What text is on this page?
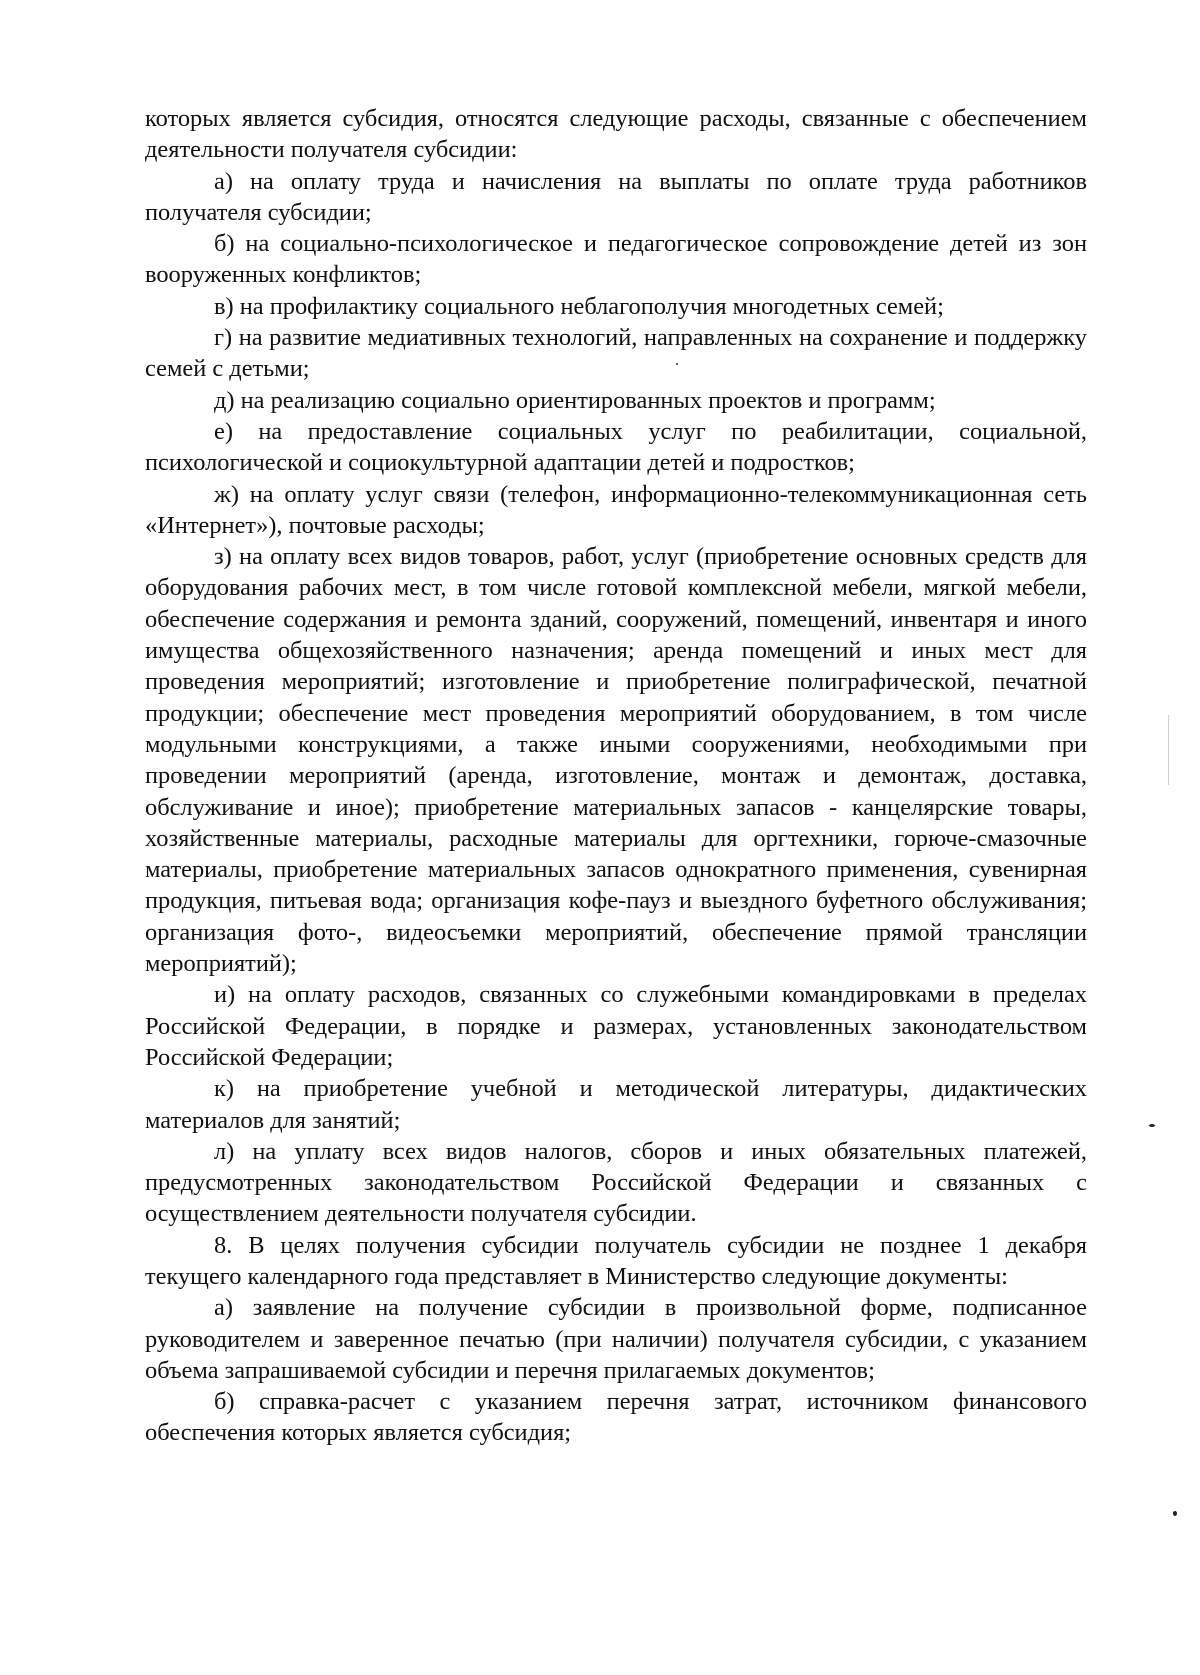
которых является субсидия, относятся следующие расходы, связанные с обеспечением деятельности получателя субсидии:

а) на оплату труда и начисления на выплаты по оплате труда работников получателя субсидии;

б) на социально-психологическое и педагогическое сопровождение детей из зон вооруженных конфликтов;

в) на профилактику социального неблагополучия многодетных семей;

г) на развитие медиативных технологий, направленных на сохранение и поддержку семей с детьми;

д) на реализацию социально ориентированных проектов и программ;

е) на предоставление социальных услуг по реабилитации, социальной, психологической и социокультурной адаптации детей и подростков;

ж) на оплату услуг связи (телефон, информационно-телекоммуникационная сеть «Интернет»), почтовые расходы;

з) на оплату всех видов товаров, работ, услуг (приобретение основных средств для оборудования рабочих мест, в том числе готовой комплексной мебели, мягкой мебели, обеспечение содержания и ремонта зданий, сооружений, помещений, инвентаря и иного имущества общехозяйственного назначения; аренда помещений и иных мест для проведения мероприятий; изготовление и приобретение полиграфической, печатной продукции; обеспечение мест проведения мероприятий оборудованием, в том числе модульными конструкциями, а также иными сооружениями, необходимыми при проведении мероприятий (аренда, изготовление, монтаж и демонтаж, доставка, обслуживание и иное); приобретение материальных запасов - канцелярские товары, хозяйственные материалы, расходные материалы для оргтехники, горюче-смазочные материалы, приобретение материальных запасов однократного применения, сувенирная продукция, питьевая вода; организация кофе-пауз и выездного буфетного обслуживания; организация фото-, видеосъемки мероприятий, обеспечение прямой трансляции мероприятий);

и) на оплату расходов, связанных со служебными командировками в пределах Российской Федерации, в порядке и размерах, установленных законодательством Российской Федерации;

к) на приобретение учебной и методической литературы, дидактических материалов для занятий;

л) на уплату всех видов налогов, сборов и иных обязательных платежей, предусмотренных законодательством Российской Федерации и связанных с осуществлением деятельности получателя субсидии.

8. В целях получения субсидии получатель субсидии не позднее 1 декабря текущего календарного года представляет в Министерство следующие документы:

а) заявление на получение субсидии в произвольной форме, подписанное руководителем и заверенное печатью (при наличии) получателя субсидии, с указанием объема запрашиваемой субсидии и перечня прилагаемых документов;

б) справка-расчет с указанием перечня затрат, источником финансового обеспечения которых является субсидия;
